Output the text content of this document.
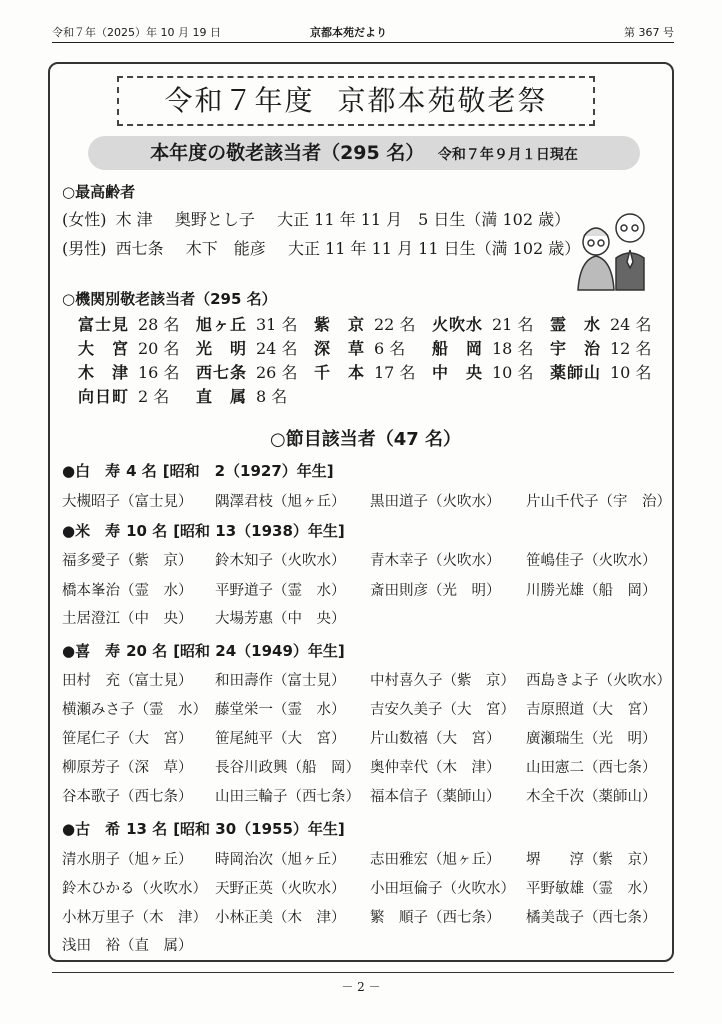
令和７年（2025）年 10 月 19 日	京都本苑だより	第 367 号
令和７年度 京都本苑敬老祭
本年度の敬老該当者（295 名） 令和７年９月１日現在
○最高齢者
(女性) 木 津 奥野とし子 大正 11 年 11 月　5 日生（満 102 歳）
(男性) 西七条 木下　能彦 大正 11 年 11 月 11 日生（満 102 歳）
○機関別敬老該当者（295 名）
富士見 28 名 旭ヶ丘 31 名 紫　京 22 名 火吹水 21 名 霊　水 24 名
大　宮 20 名 光　明 24 名 深　草 6 名 船　岡 18 名 宇　治 12 名
木　津 16 名 西七条 26 名 千　本 17 名 中　央 10 名 薬師山 10 名
向日町 2 名 直　属 8 名
○節目該当者（47 名）
●白　寿 4 名 [昭和　2（1927）年生]
大槻昭子（富士見） 隅澤君枝（旭ヶ丘） 黒田道子（火吹水） 片山千代子（宇　治）
●米　寿 10 名 [昭和 13（1938）年生]
福多愛子（紫　京） 鈴木知子（火吹水） 青木幸子（火吹水） 笹嶋佳子（火吹水）
橋本峯治（霊　水） 平野道子（霊　水） 斎田則彦（光　明） 川勝光雄（船　岡）
土居澄江（中　央） 大場芳惠（中　央）
●喜　寿 20 名 [昭和 24（1949）年生]
田村　充（富士見） 和田壽作（富士見） 中村喜久子（紫　京） 西島きよ子（火吹水）
横瀬みさ子（霊　水） 藤堂栄一（霊　水） 吉安久美子（大　宮） 吉原照道（大　宮）
笹尾仁子（大　宮） 笹尾純平（大　宮） 片山数禧（大　宮） 廣瀬瑞生（光　明）
柳原芳子（深　草） 長谷川政興（船　岡） 奥仲幸代（木　津） 山田憲二（西七条）
谷本歌子（西七条） 山田三輪子（西七条） 福本信子（薬師山） 木全千次（薬師山）
●古　希 13 名 [昭和 30（1955）年生]
清水朋子（旭ヶ丘） 時岡治次（旭ヶ丘） 志田雅宏（旭ヶ丘） 堺　　淳（紫　京）
鈴木ひかる（火吹水） 天野正英（火吹水） 小田垣倫子（火吹水） 平野敏雄（霊　水）
小林万里子（木　津） 小林正美（木　津） 繁　順子（西七条） 橘美哉子（西七条）
浅田　裕（直　属）
－ 2 －
